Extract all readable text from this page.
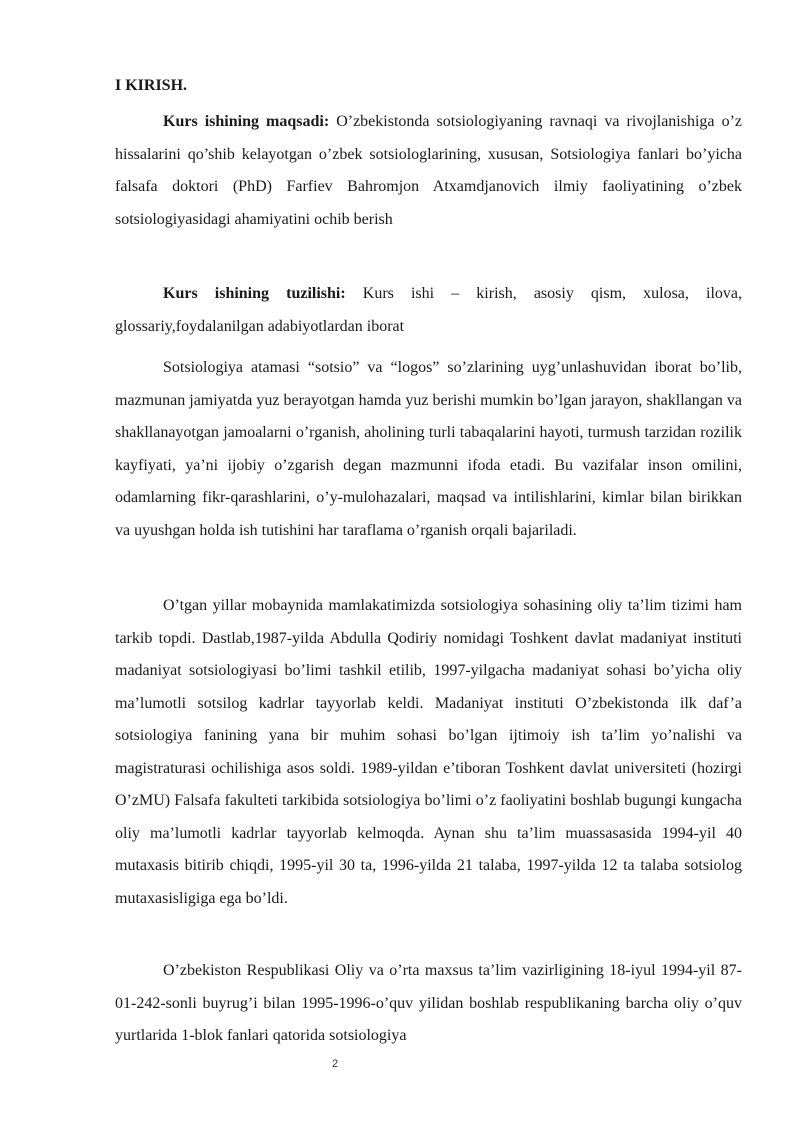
I KIRISH.

Kurs ishining maqsadi: O’zbekistonda sotsiologiyaning ravnaqi va rivojlanishiga o’z hissalarini qo’shib kelayotgan o’zbek sotsiologlarining, xususan, Sotsiologiya fanlari bo’yicha falsafa doktori (PhD) Farfiev Bahromjon Atxamdjanovich ilmiy faoliyatining o’zbek sotsiologiyasidagi ahamiyatini ochib berish

Kurs ishining tuzilishi: Kurs ishi – kirish, asosiy qism, xulosa, ilova, glossariy,foydalanilgan adabiyotlardan iborat

Sotsiologiya atamasi “sotsio” va “logos” so’zlarining uyg’unlashuvidan iborat bo’lib, mazmunan jamiyatda yuz berayotgan hamda yuz berishi mumkin bo’lgan jarayon, shakllangan va shakllanayotgan jamoalarni o’rganish, aholining turli tabaqalarini hayoti, turmush tarzidan rozilik kayfiyati, ya’ni ijobiy o’zgarish degan mazmunni ifoda etadi. Bu vazifalar inson omilini, odamlarning fikr-qarashlarini, o’y-mulohazalari, maqsad va intilishlarini, kimlar bilan birikkan va uyushgan holda ish tutishini har taraflama o’rganish orqali bajariladi.

O’tgan yillar mobaynida mamlakatimizda sotsiologiya sohasining oliy ta’lim tizimi ham tarkib topdi. Dastlab,1987-yilda Abdulla Qodiriy nomidagi Toshkent davlat madaniyat instituti madaniyat sotsiologiyasi bo’limi tashkil etilib, 1997-yilgacha madaniyat sohasi bo’yicha oliy ma’lumotli sotsilog kadrlar tayyorlab keldi. Madaniyat instituti O’zbekistonda ilk daf’a sotsiologiya fanining yana bir muhim sohasi bo’lgan ijtimoiy ish ta’lim yo’nalishi va magistraturasi ochilishiga asos soldi. 1989-yildan e’tiboran Toshkent davlat universiteti (hozirgi O’zMU) Falsafa fakulteti tarkibida sotsiologiya bo’limi o’z faoliyatini boshlab bugungi kungacha oliy ma’lumotli kadrlar tayyorlab kelmoqda. Aynan shu ta’lim muassasasida 1994-yil 40 mutaxasis bitirib chiqdi, 1995-yil 30 ta, 1996-yilda 21 talaba, 1997-yilda 12 ta talaba sotsiolog mutaxasisligiga ega bo’ldi.

O’zbekiston Respublikasi Oliy va o’rta maxsus ta’lim vazirligining 18-iyul 1994-yil 87-01-242-sonli buyrug’i bilan 1995-1996-o’quv yilidan boshlab respublikaning barcha oliy o’quv yurtlarida 1-blok fanlari qatorida sotsiologiya

2
